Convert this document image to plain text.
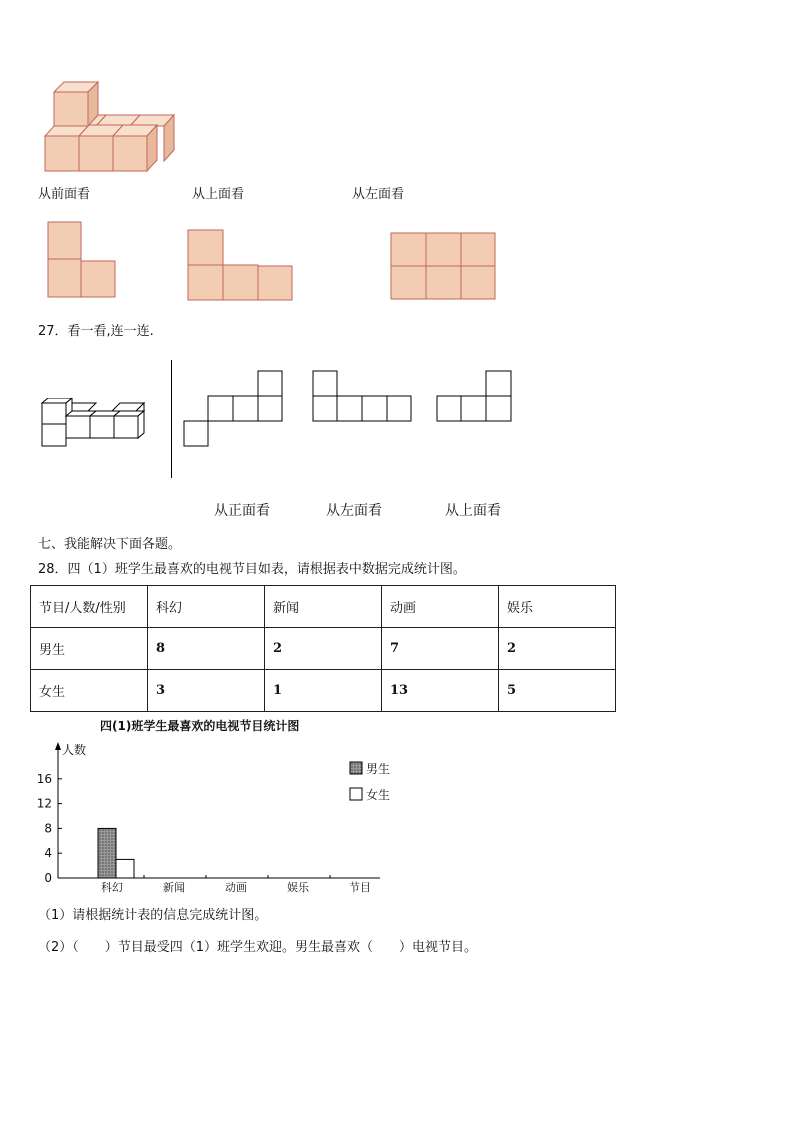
从前面看	从上面看	从左面看
27．看一看,连一连.
从正面看	从左面看	从上面看
七、我能解决下面各题。
28．四（1）班学生最喜欢的电视节目如表，请根据表中数据完成统计图。
节目/人数/性别	科幻	新闻	动画	娱乐
男生	8	2	7	2
女生	3	1	13	5
四(1)班学生最喜欢的电视节目统计图
人数
0
4
8
12
16
科幻	新闻	动画	娱乐	节目
男生
女生
（1）请根据统计表的信息完成统计图。
（2）（　　）节目最受四（1）班学生欢迎。男生最喜欢（　　）电视节目。
